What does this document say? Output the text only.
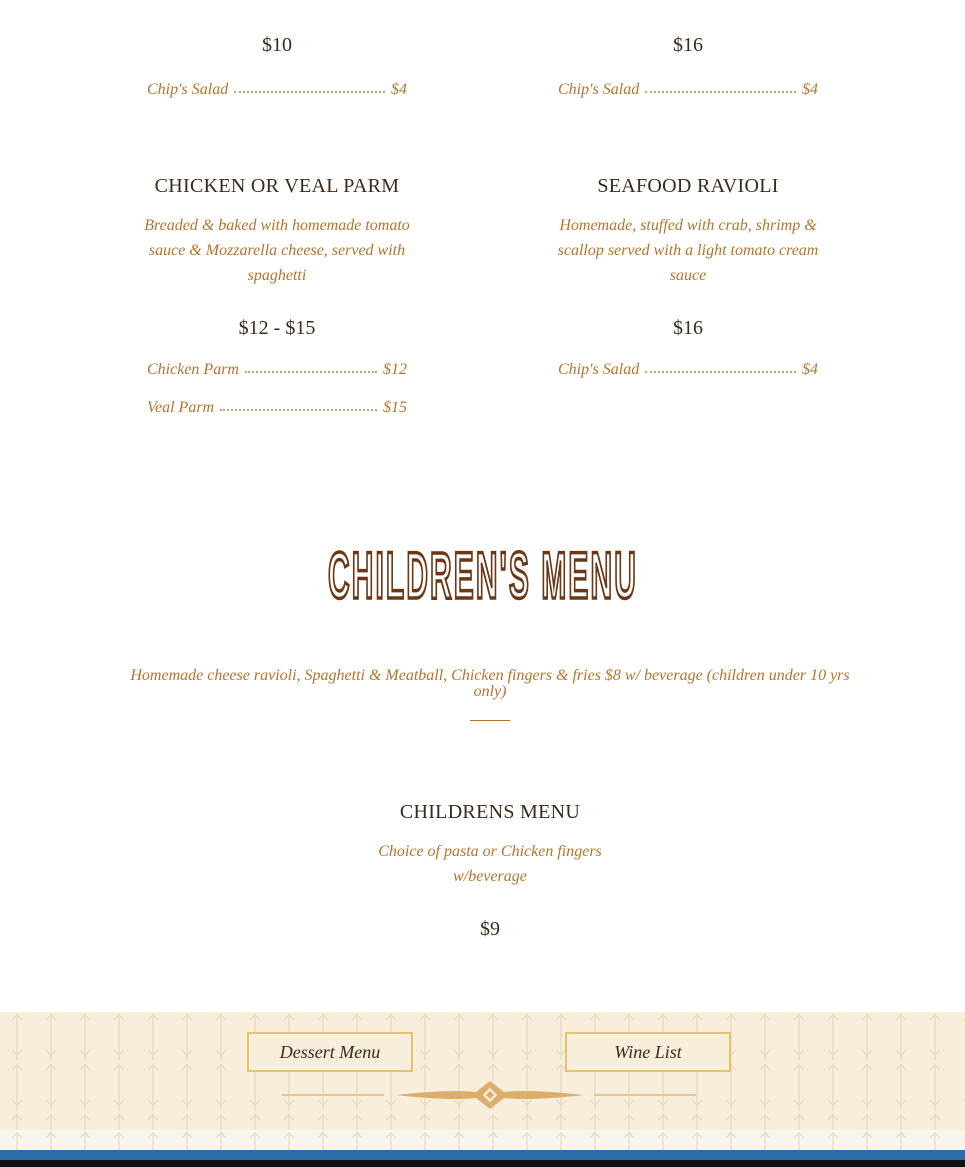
$10	$16
Chip's Salad	$4	Chip's Salad	$4
CHICKEN OR VEAL PARM
Breaded & baked with homemade tomato sauce & Mozzarella cheese, served with spaghetti
$12 - $15
Chicken Parm	$12
Veal Parm	$15
SEAFOOD RAVIOLI
Homemade, stuffed with crab, shrimp & scallop served with a light tomato cream sauce
$16
Chip's Salad	$4
CHILDREN'S MENU
Homemade cheese ravioli, Spaghetti & Meatball, Chicken fingers & fries $8 w/ beverage (children under 10 yrs only)
CHILDRENS MENU
Choice of pasta or Chicken fingers w/beverage
$9
Dessert Menu	Wine List
